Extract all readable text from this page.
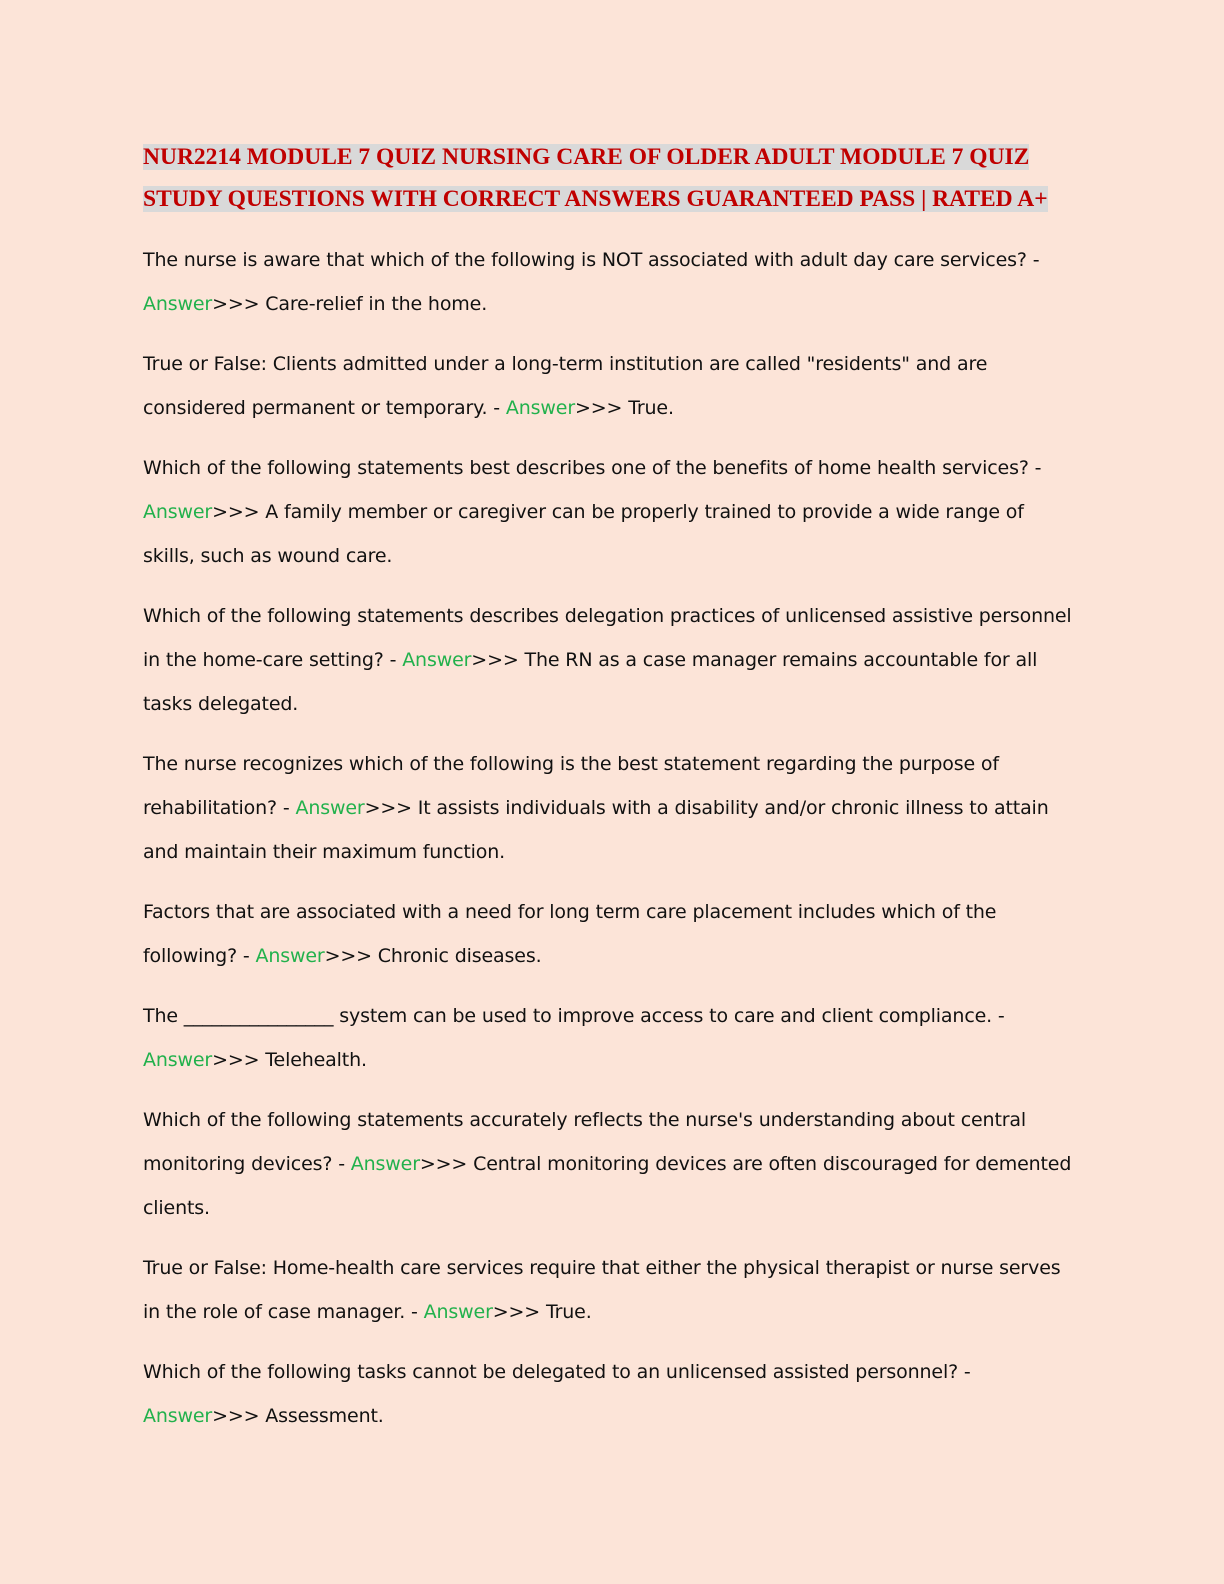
NUR2214 MODULE 7 QUIZ NURSING CARE OF OLDER ADULT MODULE 7 QUIZ STUDY QUESTIONS WITH CORRECT ANSWERS GUARANTEED PASS | RATED A+

The nurse is aware that which of the following is NOT associated with adult day care services? - Answer>>> Care-relief in the home.

True or False: Clients admitted under a long-term institution are called "residents" and are considered permanent or temporary. - Answer>>> True.

Which of the following statements best describes one of the benefits of home health services? - Answer>>> A family member or caregiver can be properly trained to provide a wide range of skills, such as wound care.

Which of the following statements describes delegation practices of unlicensed assistive personnel in the home-care setting? - Answer>>> The RN as a case manager remains accountable for all tasks delegated.

The nurse recognizes which of the following is the best statement regarding the purpose of rehabilitation? - Answer>>> It assists individuals with a disability and/or chronic illness to attain and maintain their maximum function.

Factors that are associated with a need for long term care placement includes which of the following? - Answer>>> Chronic diseases.

The ________________ system can be used to improve access to care and client compliance. - Answer>>> Telehealth.

Which of the following statements accurately reflects the nurse's understanding about central monitoring devices? - Answer>>> Central monitoring devices are often discouraged for demented clients.

True or False: Home-health care services require that either the physical therapist or nurse serves in the role of case manager. - Answer>>> True.

Which of the following tasks cannot be delegated to an unlicensed assisted personnel? - Answer>>> Assessment.
